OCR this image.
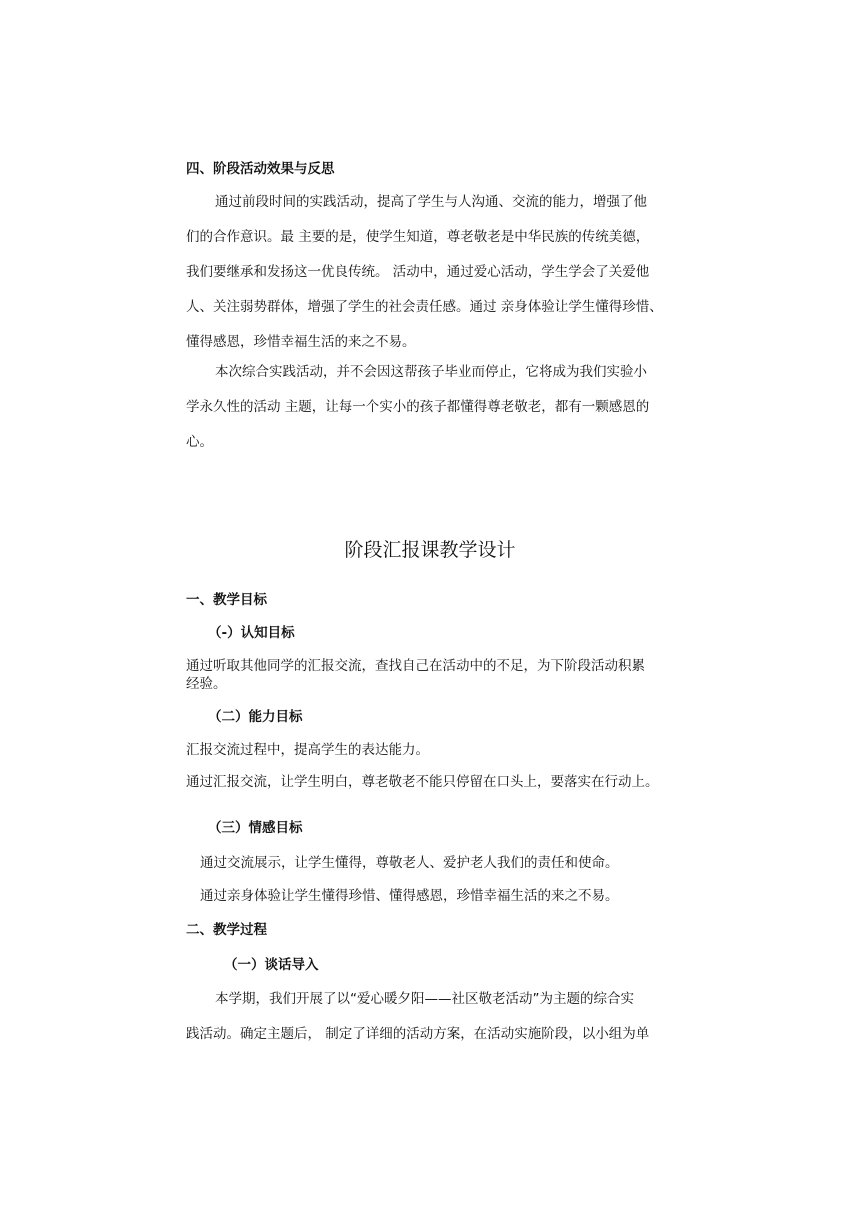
四、阶段活动效果与反思
通过前段时间的实践活动，提高了学生与人沟通、交流的能力，增强了他
们的合作意识。最 主要的是，使学生知道，尊老敬老是中华民族的传统美德，
我们要继承和发扬这一优良传统。 活动中，通过爱心活动，学生学会了关爱他
人、关注弱势群体，增强了学生的社会责任感。通过 亲身体验让学生懂得珍惜、
懂得感恩，珍惜幸福生活的来之不易。
本次综合实践活动，并不会因这帮孩子毕业而停止，它将成为我们实验小
学永久性的活动 主题，让每一个实小的孩子都懂得尊老敬老，都有一颗感恩的
心。
阶段汇报课教学设计
一、教学目标
（-）认知目标
通过听取其他同学的汇报交流，查找自己在活动中的不足，为下阶段活动积累
经验。
（二）能力目标
汇报交流过程中，提高学生的表达能力。
通过汇报交流，让学生明白，尊老敬老不能只停留在口头上，要落实在行动上。
（三）情感目标
通过交流展示，让学生懂得，尊敬老人、爱护老人我们的责任和使命。
通过亲身体验让学生懂得珍惜、懂得感恩，珍惜幸福生活的来之不易。
二、教学过程
（一）谈话导入
本学期，我们开展了以“爱心暖夕阳——社区敬老活动”为主题的综合实
践活动。确定主题后， 制定了详细的活动方案，在活动实施阶段，以小组为单
